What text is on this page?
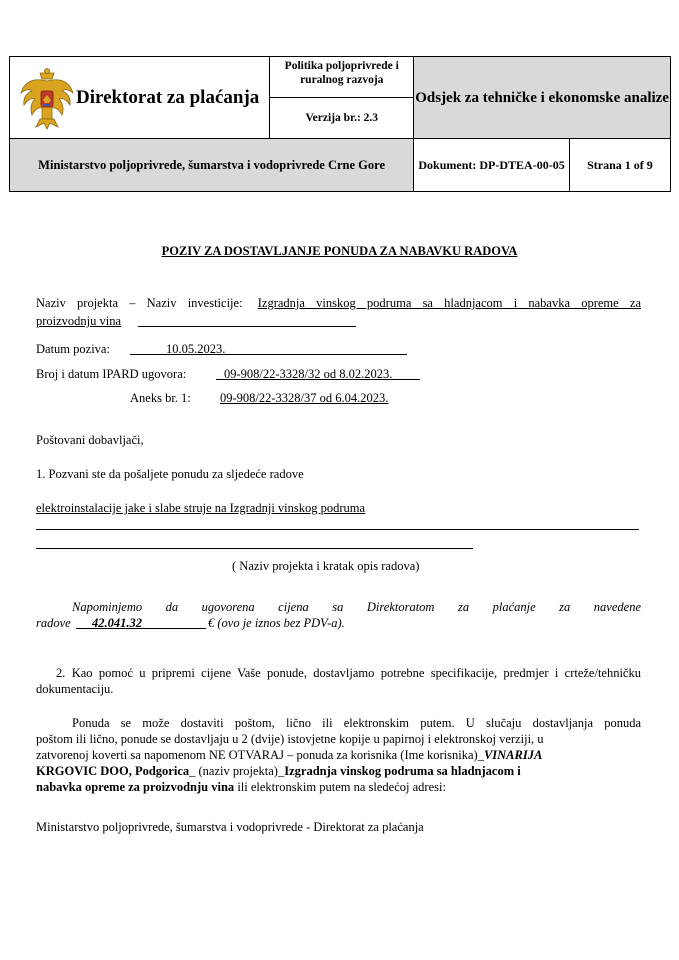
Direktorat za plaćanja	Politika poljoprivrede i ruralnog razvoja
Verzija br.: 2.3	Odsjek za tehničke i ekonomske analize	
Ministarstvo poljoprivrede, šumarstva i vodoprivrede Crne Gore		Dokument: DP-DTEA-00-05	Strana 1 of 9
POZIV ZA DOSTAVLJANJE PONUDA ZA NABAVKU RADOVA
Naziv projekta – Naziv investicije: Izgradnja vinskog podruma sa hladnjacom i nabavka opreme za
proizvodnju vina
Datum poziva:	10.05.2023.
Broj i datum IPARD ugovora:	09-908/22-3328/32 od 8.02.2023.
Aneks br. 1: 09-908/22-3328/37 od 6.04.2023.
Poštovani dobavljači,
1. Pozvani ste da pošaljete ponudu za sljedeće radove
elektroinstalacije jake i slabe struje na Izgradnji vinskog podruma
( Naziv projekta i kratak opis radova)
Napominjemo da ugovorena cijena sa Direktoratom za plaćanje za navedene
radove 42.041.32	€ (ovo je iznos bez PDV-a).
2. Kao pomoć u pripremi cijene Vaše ponude, dostavljamo potrebne specifikacije, predmjer i crteže/tehničku dokumentaciju.
Ponuda se može dostaviti poštom, lično ili elektronskim putem. U slučaju dostavljanja ponuda
poštom ili lično, ponude se dostavljaju u 2 (dvije) istovjetne kopije u papirnoj i elektronskoj verziji, u
zatvorenoj koverti sa napomenom NE OTVARAJ – ponuda za korisnika (Ime korisnika)_VINARIJA
KRGOVIC DOO, Podgorica_ (naziv projekta)_Izgradnja vinskog podruma sa hladnjacom i
nabavka opreme za proizvodnju vina ili elektronskim putem na sledećoj adresi:
Ministarstvo poljoprivrede, šumarstva i vodoprivrede - Direktorat za plaćanja
